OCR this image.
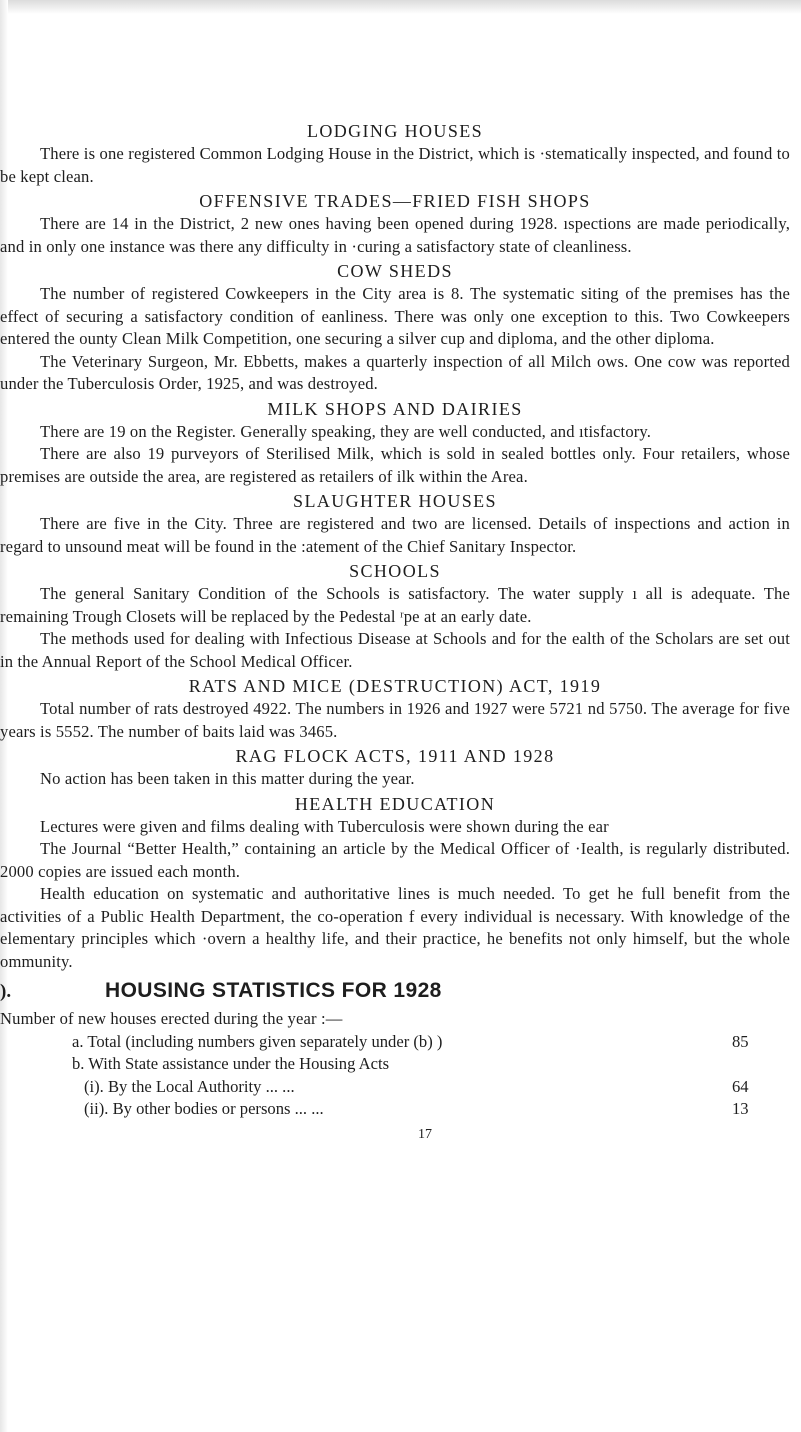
LODGING HOUSES

There is one registered Common Lodging House in the District, which is ·stematically inspected, and found to be kept clean.

OFFENSIVE TRADES—FRIED FISH SHOPS

There are 14 in the District, 2 new ones having been opened during 1928. ıspections are made periodically, and in only one instance was there any difficulty in ·curing a satisfactory state of cleanliness.

COW SHEDS

The number of registered Cowkeepers in the City area is 8. The systematic siting of the premises has the effect of securing a satisfactory condition of eanliness. There was only one exception to this. Two Cowkeepers entered the ounty Clean Milk Competition, one securing a silver cup and diploma, and the other diploma.

The Veterinary Surgeon, Mr. Ebbetts, makes a quarterly inspection of all Milch ows. One cow was reported under the Tuberculosis Order, 1925, and was destroyed.

MILK SHOPS AND DAIRIES

There are 19 on the Register. Generally speaking, they are well conducted, and ıtisfactory.

There are also 19 purveyors of Sterilised Milk, which is sold in sealed bottles only. Four retailers, whose premises are outside the area, are registered as retailers of ilk within the Area.

SLAUGHTER HOUSES

There are five in the City. Three are registered and two are licensed. Details of inspections and action in regard to unsound meat will be found in the :atement of the Chief Sanitary Inspector.

SCHOOLS

The general Sanitary Condition of the Schools is satisfactory. The water supply ı all is adequate. The remaining Trough Closets will be replaced by the Pedestal ʳpe at an early date.

The methods used for dealing with Infectious Disease at Schools and for the ealth of the Scholars are set out in the Annual Report of the School Medical Officer.

RATS AND MICE (DESTRUCTION) ACT, 1919

Total number of rats destroyed 4922. The numbers in 1926 and 1927 were 5721 nd 5750. The average for five years is 5552. The number of baits laid was 3465.

RAG FLOCK ACTS, 1911 AND 1928

No action has been taken in this matter during the year.

HEALTH EDUCATION

Lectures were given and films dealing with Tuberculosis were shown during the ear

The Journal “Better Health,” containing an article by the Medical Officer of ·Iealth, is regularly distributed. 2000 copies are issued each month.

Health education on systematic and authoritative lines is much needed. To get he full benefit from the activities of a Public Health Department, the co-operation f every individual is necessary. With knowledge of the elementary principles which ·overn a healthy life, and their practice, he benefits not only himself, but the whole ommunity.

).	HOUSING STATISTICS FOR 1928

Number of new houses erected during the year :—

a. Total (including numbers given separately under (b) )	85
b. With State assistance under the Housing Acts
(i). By the Local Authority ... ...	64
(ii). By other bodies or persons ... ...	13
17
